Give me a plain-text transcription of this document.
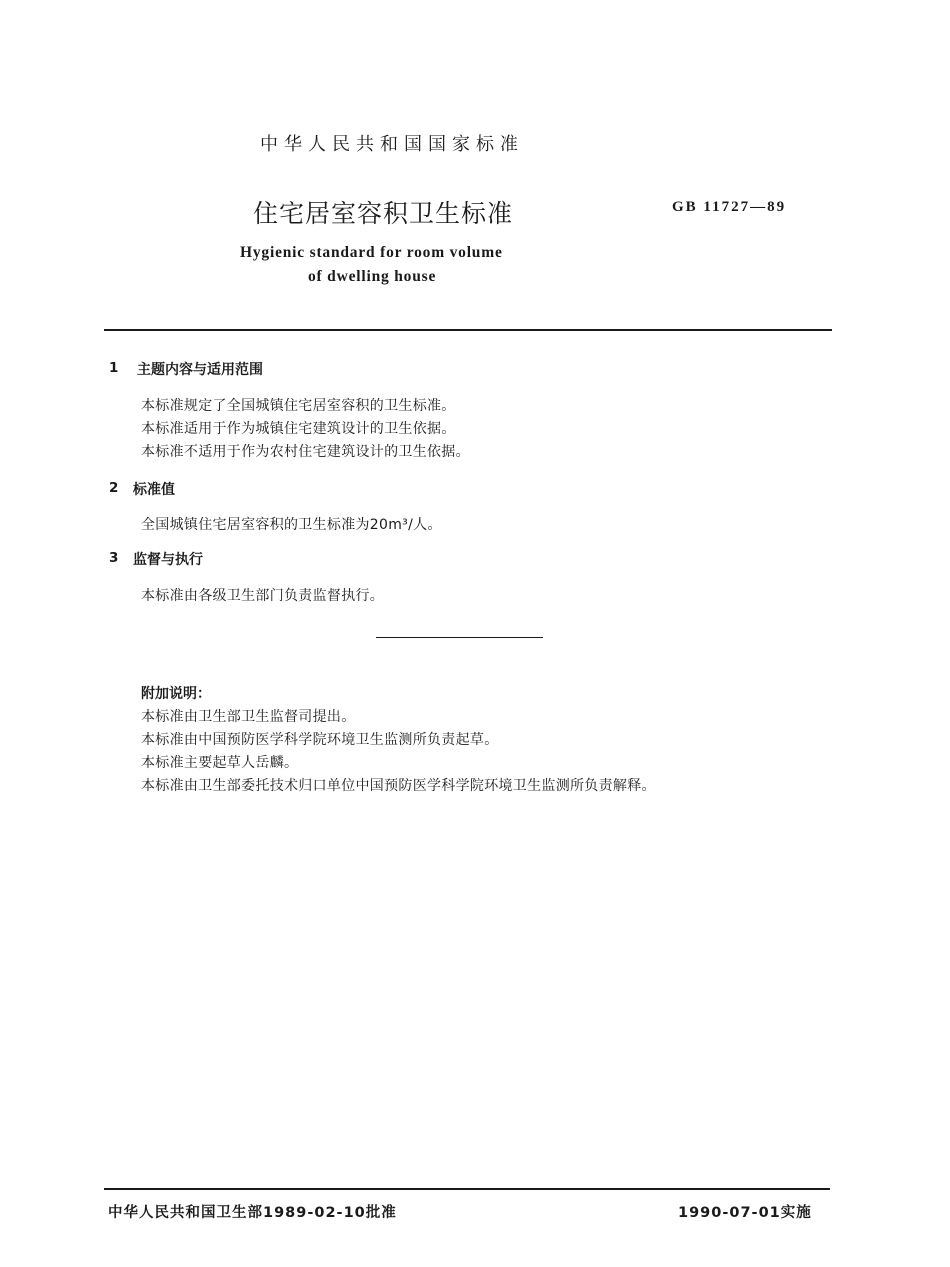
中华人民共和国国家标准
住宅居室容积卫生标准	GB 11727—89
Hygienic standard for room volume
of dwelling house
1 主题内容与适用范围
本标准规定了全国城镇住宅居室容积的卫生标准。
本标准适用于作为城镇住宅建筑设计的卫生依据。
本标准不适用于作为农村住宅建筑设计的卫生依据。
2 标准值
全国城镇住宅居室容积的卫生标准为20m³/人。
3 监督与执行
本标准由各级卫生部门负责监督执行。
附加说明：
本标准由卫生部卫生监督司提出。
本标准由中国预防医学科学院环境卫生监测所负责起草。
本标准主要起草人岳麟。
本标准由卫生部委托技术归口单位中国预防医学科学院环境卫生监测所负责解释。
中华人民共和国卫生部1989-02-10批准	1990-07-01实施
